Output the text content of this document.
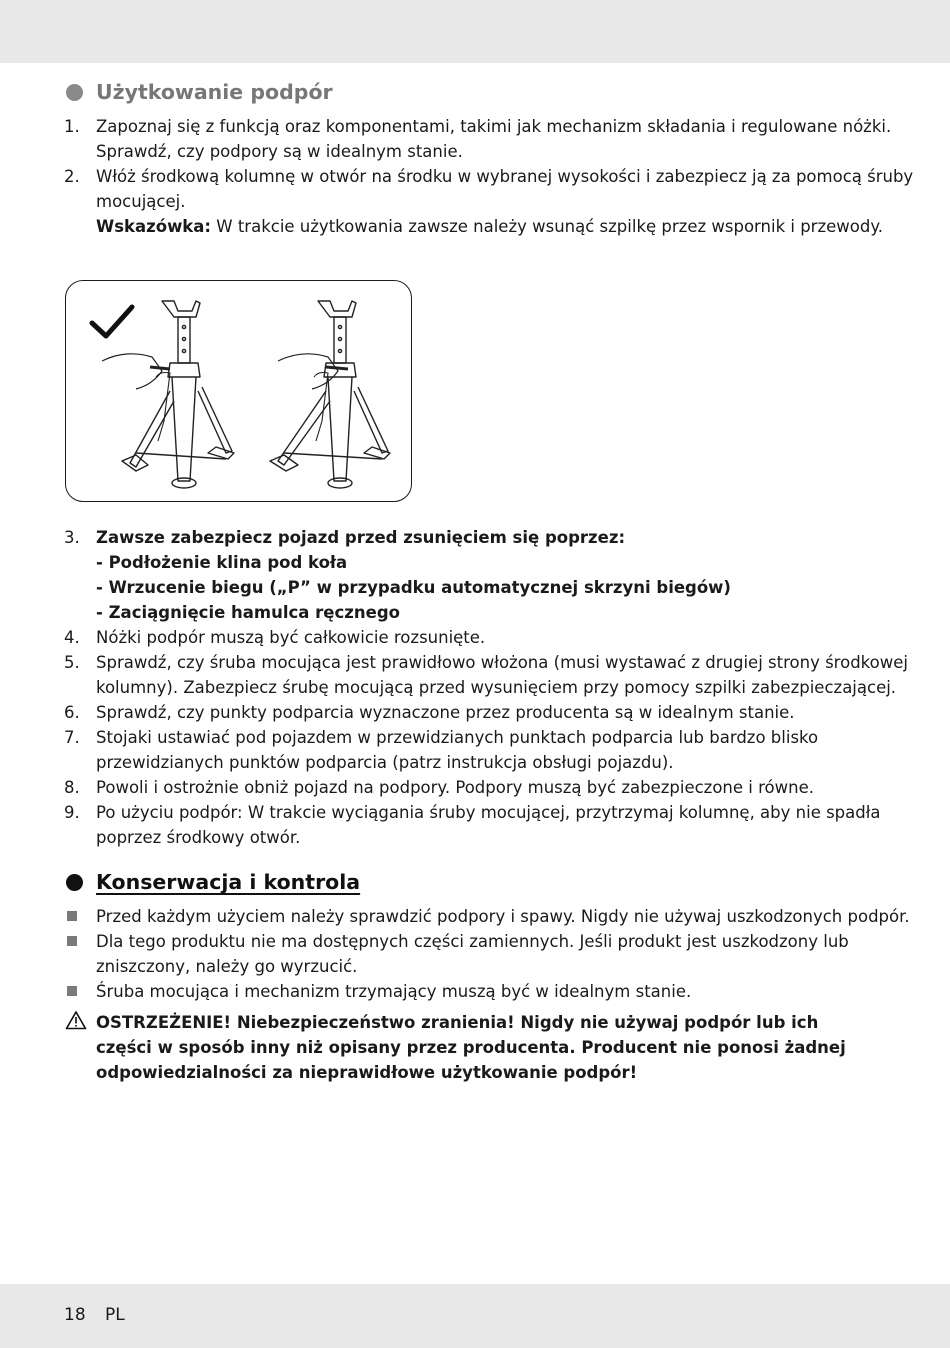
Użytkowanie podpór
1. Zapoznaj się z funkcją oraz komponentami, takimi jak mechanizm składania i regulowane nóżki.
Sprawdź, czy podpory są w idealnym stanie.
2. Włóż środkową kolumnę w otwór na środku w wybranej wysokości i zabezpiecz ją za pomocą śruby
mocującej.
Wskazówka: W trakcie użytkowania zawsze należy wsunąć szpilkę przez wspornik i przewody.
3. Zawsze zabezpiecz pojazd przed zsunięciem się poprzez:
- Podłożenie klina pod koła
- Wrzucenie biegu („P” w przypadku automatycznej skrzyni biegów)
- Zaciągnięcie hamulca ręcznego
4. Nóżki podpór muszą być całkowicie rozsunięte.
5. Sprawdź, czy śruba mocująca jest prawidłowo włożona (musi wystawać z drugiej strony środkowej
kolumny). Zabezpiecz śrubę mocującą przed wysunięciem przy pomocy szpilki zabezpieczającej.
6. Sprawdź, czy punkty podparcia wyznaczone przez producenta są w idealnym stanie.
7. Stojaki ustawiać pod pojazdem w przewidzianych punktach podparcia lub bardzo blisko
przewidzianych punktów podparcia (patrz instrukcja obsługi pojazdu).
8. Powoli i ostrożnie obniż pojazd na podpory. Podpory muszą być zabezpieczone i równe.
9. Po użyciu podpór: W trakcie wyciągania śruby mocującej, przytrzymaj kolumnę, aby nie spadła
poprzez środkowy otwór.
Konserwacja i kontrola
Przed każdym użyciem należy sprawdzić podpory i spawy. Nigdy nie używaj uszkodzonych podpór.
Dla tego produktu nie ma dostępnych części zamiennych. Jeśli produkt jest uszkodzony lub
zniszczony, należy go wyrzucić.
Śruba mocująca i mechanizm trzymający muszą być w idealnym stanie.
OSTRZEŻENIE! Niebezpieczeństwo zranienia! Nigdy nie używaj podpór lub ich
części w sposób inny niż opisany przez producenta. Producent nie ponosi żadnej
odpowiedzialności za nieprawidłowe użytkowanie podpór!
18 PL
